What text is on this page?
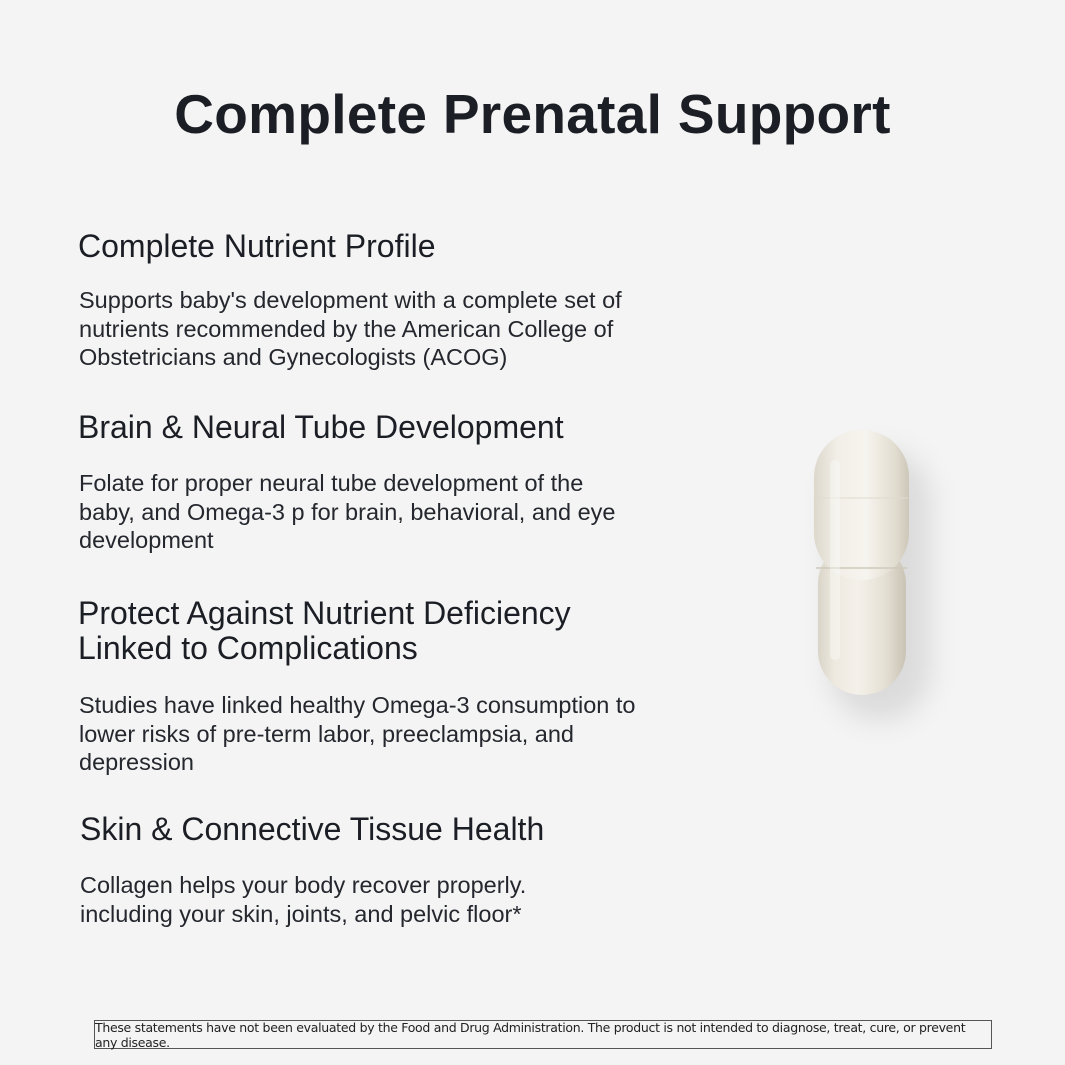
Complete Prenatal Support
Complete Nutrient Profile

Supports baby's development with a complete set of nutrients recommended by the American College of Obstetricians and Gynecologists (ACOG)

Brain & Neural Tube Development

Folate for proper neural tube development of the baby, and Omega-3 p for brain, behavioral, and eye development

Protect Against Nutrient Deficiency Linked to Complications

Studies have linked healthy Omega-3 consumption to lower risks of pre-term labor, preeclampsia, and depression

Skin & Connective Tissue Health

Collagen helps your body recover properly. including your skin, joints, and pelvic floor*

These statements have not been evaluated by the Food and Drug Administration. The product is not intended to diagnose, treat, cure, or prevent any disease.
